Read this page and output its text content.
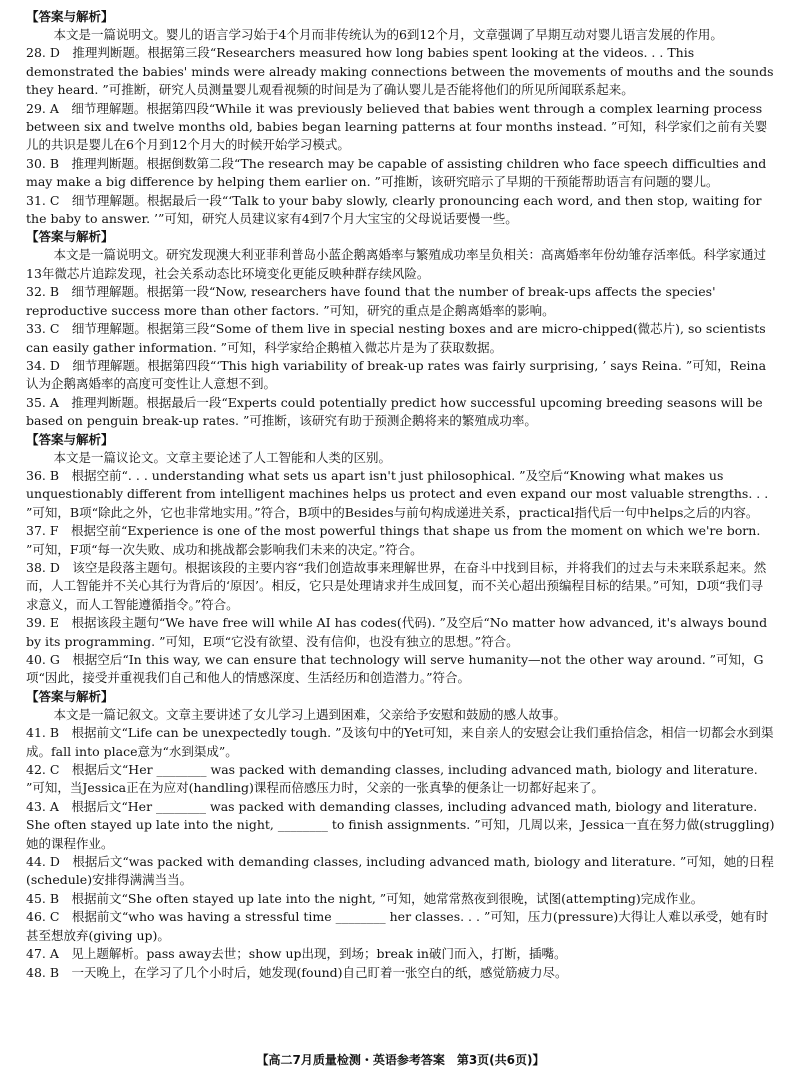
【答案与解析】

本文是一篇说明文。婴儿的语言学习始于4个月而非传统认为的6到12个月，文章强调了早期互动对婴儿语言发展的作用。

28. D　推理判断题。根据第三段“Researchers measured how long babies spent looking at the videos. . . This demonstrated the babies' minds were already making connections between the movements of mouths and the sounds they heard. ”可推断，研究人员测量婴儿观看视频的时间是为了确认婴儿是否能将他们的所见所闻联系起来。

29. A　细节理解题。根据第四段“While it was previously believed that babies went through a complex learning process between six and twelve months old, babies began learning patterns at four months instead. ”可知，科学家们之前有关婴儿的共识是婴儿在6个月到12个月大的时候开始学习模式。

30. B　推理判断题。根据倒数第二段“The research may be capable of assisting children who face speech difficulties and may make a big difference by helping them earlier on. ”可推断，该研究暗示了早期的干预能帮助语言有问题的婴儿。

31. C　细节理解题。根据最后一段“‘Talk to your baby slowly, clearly pronouncing each word, and then stop, waiting for the baby to answer. ’”可知，研究人员建议家有4到7个月大宝宝的父母说话要慢一些。

【答案与解析】

本文是一篇说明文。研究发现澳大利亚菲利普岛小蓝企鹅离婚率与繁殖成功率呈负相关：高离婚率年份幼雏存活率低。科学家通过13年微芯片追踪发现，社会关系动态比环境变化更能反映种群存续风险。

32. B　细节理解题。根据第一段“Now, researchers have found that the number of break-ups affects the species' reproductive success more than other factors. ”可知，研究的重点是企鹅离婚率的影响。

33. C　细节理解题。根据第三段“Some of them live in special nesting boxes and are micro-chipped(微芯片), so scientists can easily gather information. ”可知，科学家给企鹅植入微芯片是为了获取数据。

34. D　细节理解题。根据第四段“‘This high variability of break-up rates was fairly surprising, ’ says Reina. ”可知，Reina认为企鹅离婚率的高度可变性让人意想不到。

35. A　推理判断题。根据最后一段“Experts could potentially predict how successful upcoming breeding seasons will be based on penguin break-up rates. ”可推断，该研究有助于预测企鹅将来的繁殖成功率。

【答案与解析】

本文是一篇议论文。文章主要论述了人工智能和人类的区别。

36. B　根据空前“. . . understanding what sets us apart isn't just philosophical. ”及空后“Knowing what makes us unquestionably different from intelligent machines helps us protect and even expand our most valuable strengths. . . ”可知，B项“除此之外，它也非常地实用。”符合，B项中的Besides与前句构成递进关系，practical指代后一句中helps之后的内容。

37. F　根据空前“Experience is one of the most powerful things that shape us from the moment on which we're born. ”可知，F项“每一次失败、成功和挑战都会影响我们未来的决定。”符合。

38. D　该空是段落主题句。根据该段的主要内容“我们创造故事来理解世界，在奋斗中找到目标，并将我们的过去与未来联系起来。然而，人工智能并不关心其行为背后的‘原因’。相反，它只是处理请求并生成回复，而不关心超出预编程目标的结果。”可知，D项“我们寻求意义，而人工智能遵循指令。”符合。

39. E　根据该段主题句“We have free will while AI has codes(代码). ”及空后“No matter how advanced, it's always bound by its programming. ”可知，E项“它没有欲望、没有信仰，也没有独立的思想。”符合。

40. G　根据空后“In this way, we can ensure that technology will serve humanity—not the other way around. ”可知，G项“因此，接受并重视我们自己和他人的情感深度、生活经历和创造潜力。”符合。

【答案与解析】

本文是一篇记叙文。文章主要讲述了女儿学习上遇到困难，父亲给予安慰和鼓励的感人故事。

41. B　根据前文“Life can be unexpectedly tough. ”及该句中的Yet可知，来自亲人的安慰会让我们重拾信念，相信一切都会水到渠成。fall into place意为“水到渠成”。

42. C　根据后文“Her ________ was packed with demanding classes, including advanced math, biology and literature. ”可知，当Jessica正在为应对(handling)课程而倍感压力时，父亲的一张真挚的便条让一切都好起来了。

43. A　根据后文“Her ________ was packed with demanding classes, including advanced math, biology and literature. She often stayed up late into the night, ________ to finish assignments. ”可知，几周以来，Jessica一直在努力做(struggling)她的课程作业。

44. D　根据后文“was packed with demanding classes, including advanced math, biology and literature. ”可知，她的日程(schedule)安排得满满当当。

45. B　根据前文“She often stayed up late into the night, ”可知，她常常熬夜到很晚，试图(attempting)完成作业。

46. C　根据前文“who was having a stressful time ________ her classes. . . ”可知，压力(pressure)大得让人难以承受，她有时甚至想放弃(giving up)。

47. A　见上题解析。pass away去世；show up出现，到场；break in破门而入，打断，插嘴。

48. B　一天晚上，在学习了几个小时后，她发现(found)自己盯着一张空白的纸，感觉筋疲力尽。

【高二7月质量检测・英语参考答案　第3页(共6页)】
